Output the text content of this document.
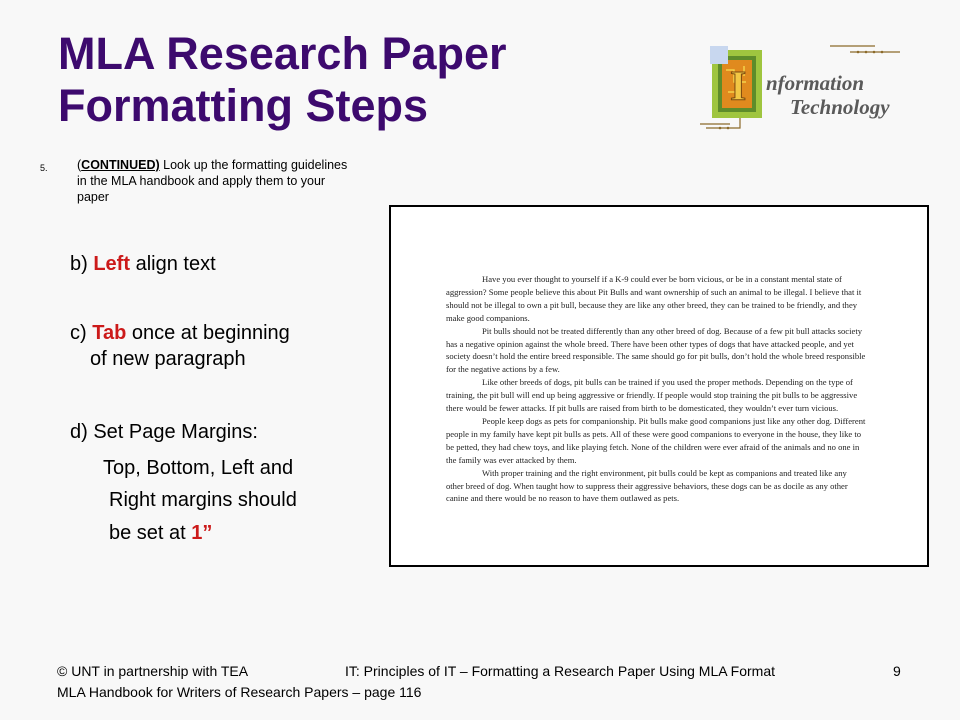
MLA Research Paper
Formatting Steps	I nformation
Technology
5. (CONTINUED) Look up the formatting guidelines in the MLA handbook and apply them to your paper
b) Left align text
c) Tab once at beginning
of new paragraph
d) Set Page Margins:
Top, Bottom, Left and
Right margins should
be set at 1”

Have you ever thought to yourself if a K-9 could ever be born vicious, or be in a constant mental state of aggression? Some people believe this about Pit Bulls and want ownership of such an animal to be illegal. I believe that it should not be illegal to own a pit bull, because they are like any other breed, they can be trained to be friendly, and they make good companions.

Pit bulls should not be treated differently than any other breed of dog. Because of a few pit bull attacks society has a negative opinion against the whole breed. There have been other types of dogs that have attacked people, and yet society doesn’t hold the entire breed responsible. The same should go for pit bulls, don’t hold the whole breed responsible for the negative actions by a few.

Like other breeds of dogs, pit bulls can be trained if you used the proper methods. Depending on the type of training, the pit bull will end up being aggressive or friendly. If people would stop training the pit bulls to be aggressive there would be fewer attacks. If pit bulls are raised from birth to be domesticated, they wouldn’t ever turn vicious.

People keep dogs as pets for companionship. Pit bulls make good companions just like any other dog. Different people in my family have kept pit bulls as pets. All of these were good companions to everyone in the house, they like to be petted, they had chew toys, and like playing fetch. None of the children were ever afraid of the animals and no one in the family was ever attacked by them.

With proper training and the right environment, pit bulls could be kept as companions and treated like any other breed of dog. When taught how to suppress their aggressive behaviors, these dogs can be as docile as any other canine and there would be no reason to have them outlawed as pets.

© UNT in partnership with TEA	IT: Principles of IT – Formatting a Research Paper Using MLA Format	9
MLA Handbook for Writers of Research Papers – page 116
